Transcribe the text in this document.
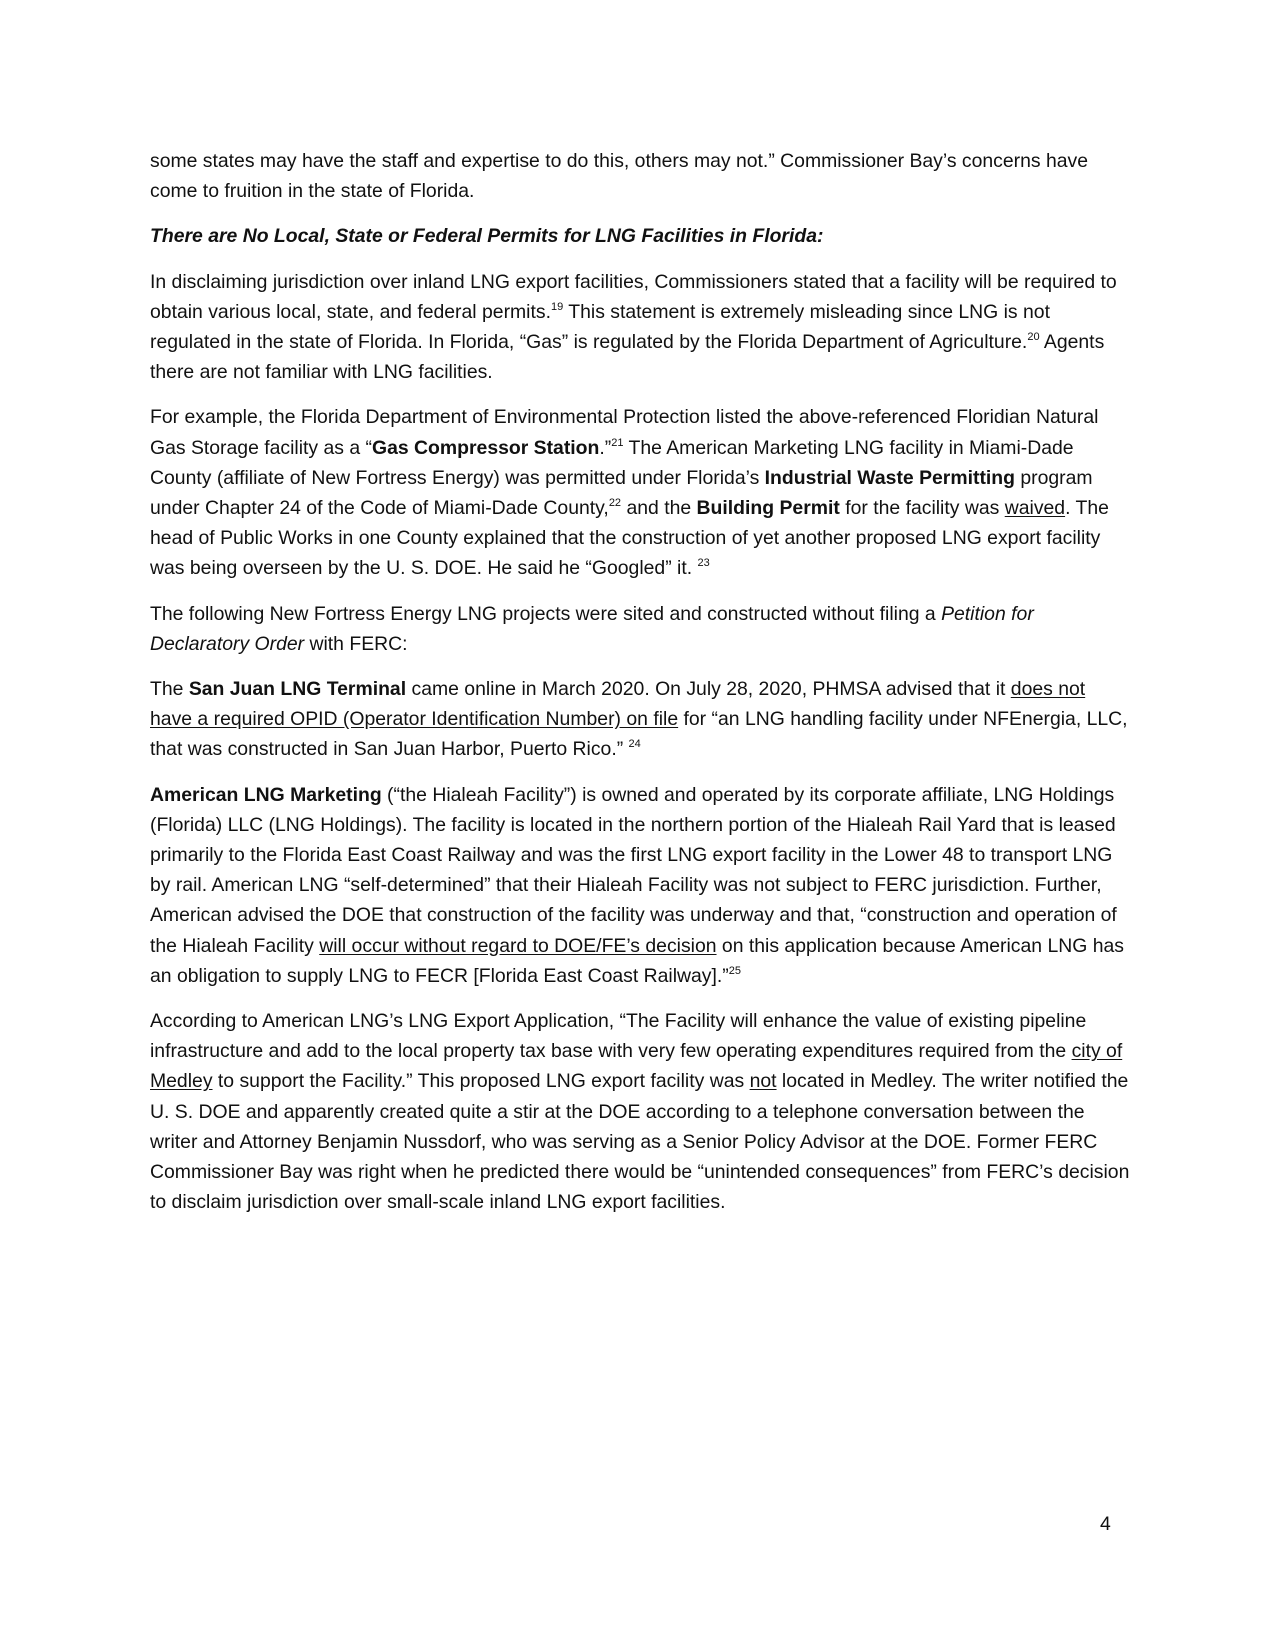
some states may have the staff and expertise to do this, others may not.” Commissioner Bay’s concerns have come to fruition in the state of Florida.

There are No Local, State or Federal Permits for LNG Facilities in Florida:

In disclaiming jurisdiction over inland LNG export facilities, Commissioners stated that a facility will be required to obtain various local, state, and federal permits.$^{19}$ This statement is extremely misleading since LNG is not regulated in the state of Florida. In Florida, “Gas” is regulated by the Florida Department of Agriculture.$^{20}$ Agents there are not familiar with LNG facilities.

For example, the Florida Department of Environmental Protection listed the above-referenced Floridian Natural Gas Storage facility as a “Gas Compressor Station.”$^{21}$ The American Marketing LNG facility in Miami-Dade County (affiliate of New Fortress Energy) was permitted under Florida’s Industrial Waste Permitting program under Chapter 24 of the Code of Miami-Dade County,$^{22}$ and the Building Permit for the facility was waived. The head of Public Works in one County explained that the construction of yet another proposed LNG export facility was being overseen by the U. S. DOE. He said he “Googled” it. $^{23}$

The following New Fortress Energy LNG projects were sited and constructed without filing a Petition for Declaratory Order with FERC:

The San Juan LNG Terminal came online in March 2020. On July 28, 2020, PHMSA advised that it does not have a required OPID (Operator Identification Number) on file for “an LNG handling facility under NFEnergia, LLC, that was constructed in San Juan Harbor, Puerto Rico.” $^{24}$

American LNG Marketing (“the Hialeah Facility”) is owned and operated by its corporate affiliate, LNG Holdings (Florida) LLC (LNG Holdings). The facility is located in the northern portion of the Hialeah Rail Yard that is leased primarily to the Florida East Coast Railway and was the first LNG export facility in the Lower 48 to transport LNG by rail. American LNG “self-determined” that their Hialeah Facility was not subject to FERC jurisdiction. Further, American advised the DOE that construction of the facility was underway and that, “construction and operation of the Hialeah Facility will occur without regard to DOE/FE’s decision on this application because American LNG has an obligation to supply LNG to FECR [Florida East Coast Railway].”$^{25}$

According to American LNG’s LNG Export Application, “The Facility will enhance the value of existing pipeline infrastructure and add to the local property tax base with very few operating expenditures required from the city of Medley to support the Facility.” This proposed LNG export facility was not located in Medley. The writer notified the U. S. DOE and apparently created quite a stir at the DOE according to a telephone conversation between the writer and Attorney Benjamin Nussdorf, who was serving as a Senior Policy Advisor at the DOE. Former FERC Commissioner Bay was right when he predicted there would be “unintended consequences” from FERC’s decision to disclaim jurisdiction over small-scale inland LNG export facilities.

4
